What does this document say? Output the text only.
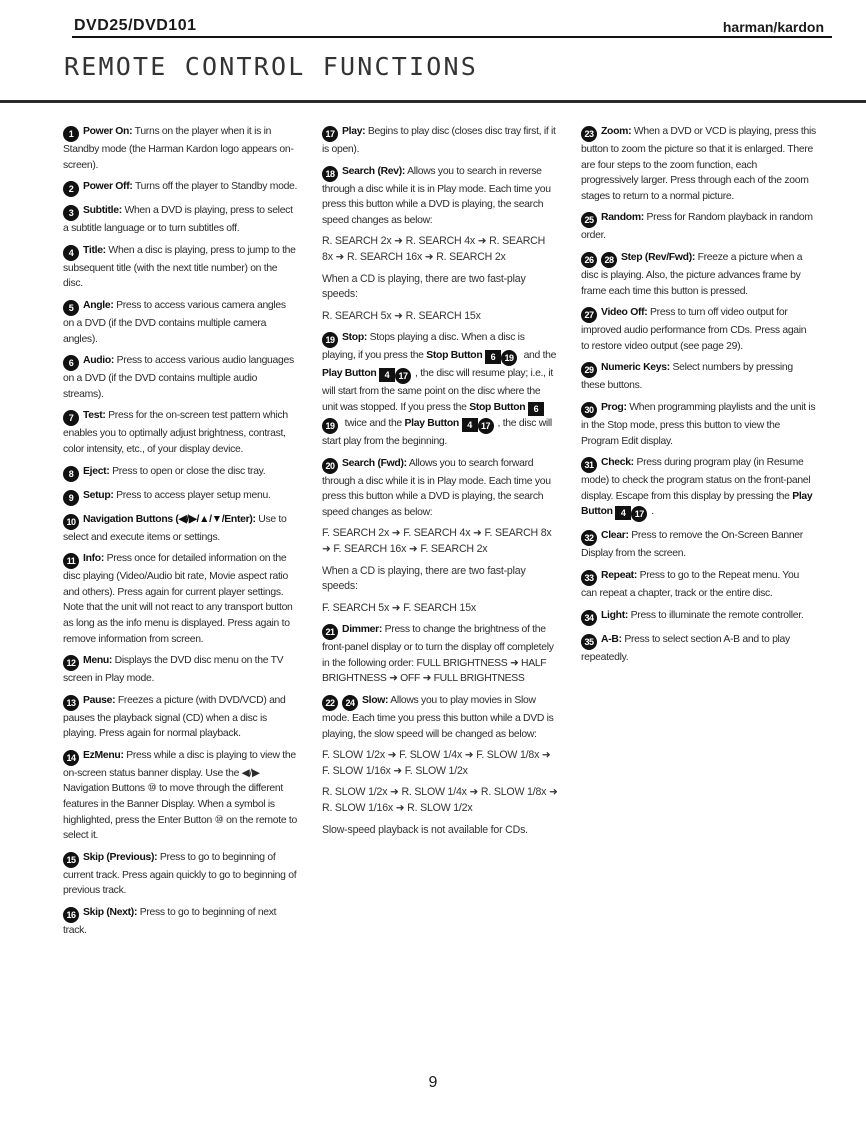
DVD25/DVD101	harman/kardon
REMOTE CONTROL FUNCTIONS

1 Power On: Turns on the player when it is in Standby mode (the Harman Kardon logo appears on-screen).

2 Power Off: Turns off the player to Standby mode.

3 Subtitle: When a DVD is playing, press to select a subtitle language or to turn subtitles off.

4 Title: When a disc is playing, press to jump to the subsequent title (with the next title number) on the disc.

5 Angle: Press to access various camera angles on a DVD (if the DVD contains multiple camera angles).

6 Audio: Press to access various audio languages on a DVD (if the DVD contains multiple audio streams).

7 Test: Press for the on-screen test pattern which enables you to optimally adjust brightness, contrast, color intensity, etc., of your display device.

8 Eject: Press to open or close the disc tray.

9 Setup: Press to access player setup menu.

10 Navigation Buttons (◀/▶/▲/▼/Enter): Use to select and execute items or settings.

11 Info: Press once for detailed information on the disc playing (Video/Audio bit rate, Movie aspect ratio and others). Press again for current player settings. Note that the unit will not react to any transport button as long as the info menu is displayed. Press again to remove information from screen.

12 Menu: Displays the DVD disc menu on the TV screen in Play mode.

13 Pause: Freezes a picture (with DVD/VCD) and pauses the playback signal (CD) when a disc is playing. Press again for normal playback.

14 EzMenu: Press while a disc is playing to view the on-screen status banner display. Use the ◀/▶ Navigation Buttons ⑩ to move through the different features in the Banner Display. When a symbol is highlighted, press the Enter Button ⑩ on the remote to select it.

15 Skip (Previous): Press to go to beginning of current track. Press again quickly to go to beginning of previous track.

16 Skip (Next): Press to go to beginning of next track.

17 Play: Begins to play disc (closes disc tray first, if it is open).

18 Search (Rev): Allows you to search in reverse through a disc while it is in Play mode. Each time you press this button while a DVD is playing, the search speed changes as below:

R. SEARCH 2x ➜ R. SEARCH 4x ➜ R. SEARCH 8x ➜ R. SEARCH 16x ➜ R. SEARCH 2x

When a CD is playing, there are two fast-play speeds:

R. SEARCH 5x ➜ R. SEARCH 15x

19 Stop: Stops playing a disc. When a disc is playing, if you press the Stop Button 6 19 and the Play Button 4 17 , the disc will resume play; i.e., it will start from the same point on the disc where the unit was stopped. If you press the Stop Button 619 twice and the Play Button 4 17 , the disc will start play from the beginning.

20 Search (Fwd): Allows you to search forward through a disc while it is in Play mode. Each time you press this button while a DVD is playing, the search speed changes as below:

F. SEARCH 2x ➜ F. SEARCH 4x ➜ F. SEARCH 8x ➜ F. SEARCH 16x ➜ F. SEARCH 2x

When a CD is playing, there are two fast-play speeds:

F. SEARCH 5x ➜ F. SEARCH 15x

21 Dimmer: Press to change the brightness of the front-panel display or to turn the display off completely in the following order: FULL BRIGHTNESS ➜ HALF BRIGHTNESS ➜ OFF ➜ FULL BRIGHTNESS

22 24 Slow: Allows you to play movies in Slow mode. Each time you press this button while a DVD is playing, the slow speed will be changed as below:

F. SLOW 1/2x ➜ F. SLOW 1/4x ➜ F. SLOW 1/8x ➜ F. SLOW 1/16x ➜ F. SLOW 1/2x

R. SLOW 1/2x ➜ R. SLOW 1/4x ➜ R. SLOW 1/8x ➜ R. SLOW 1/16x ➜ R. SLOW 1/2x

Slow-speed playback is not available for CDs.

23 Zoom: When a DVD or VCD is playing, press this button to zoom the picture so that it is enlarged. There are four steps to the zoom function, each progressively larger. Press through each of the zoom stages to return to a normal picture.

25 Random: Press for Random playback in random order.

26 28 Step (Rev/Fwd): Freeze a picture when a disc is playing. Also, the picture advances frame by frame each time this button is pressed.

27 Video Off: Press to turn off video output for improved audio performance from CDs. Press again to restore video output (see page 29).

29 Numeric Keys: Select numbers by pressing these buttons.

30 Prog: When programming playlists and the unit is in the Stop mode, press this button to view the Program Edit display.

31 Check: Press during program play (in Resume mode) to check the program status on the front-panel display. Escape from this display by pressing the Play Button 4 17 .

32 Clear: Press to remove the On-Screen Banner Display from the screen.

33 Repeat: Press to go to the Repeat menu. You can repeat a chapter, track or the entire disc.

34 Light: Press to illuminate the remote controller.

35 A-B: Press to select section A-B and to play repeatedly.

9
